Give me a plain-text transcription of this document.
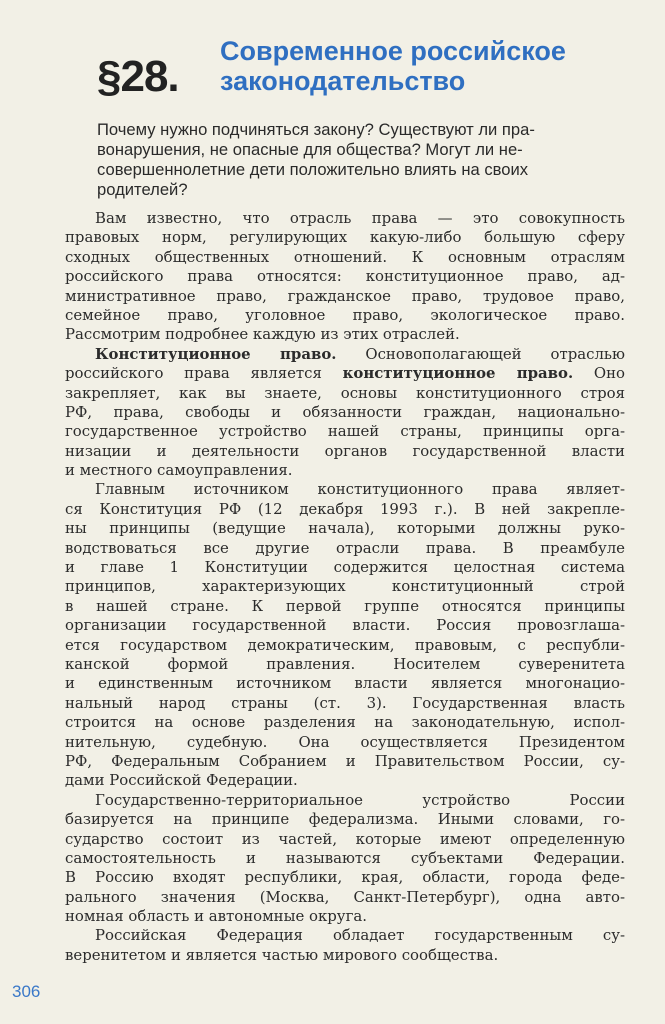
§28.
Современное российское
законодательство
Почему нужно подчиняться закону? Существуют ли пра-
вонарушения, не опасные для общества? Могут ли не-
совершеннолетние дети положительно влиять на своих
родителей?
Вам известно, что отрасль права — это совокупность
правовых норм, регулирующих какую-либо большую сферу
сходных общественных отношений. К основным отраслям
российского права относятся: конституционное право, ад-
министративное право, гражданское право, трудовое право,
семейное право, уголовное право, экологическое право.
Рассмотрим подробнее каждую из этих отраслей.
Конституционное право. Основополагающей отраслью
российского права является конституционное право. Оно
закрепляет, как вы знаете, основы конституционного строя
РФ, права, свободы и обязанности граждан, национально-
государственное устройство нашей страны, принципы орга-
низации и деятельности органов государственной власти
и местного самоуправления.
Главным источником конституционного права являет-
ся Конституция РФ (12 декабря 1993 г.). В ней закрепле-
ны принципы (ведущие начала), которыми должны руко-
водствоваться все другие отрасли права. В преамбуле
и главе 1 Конституции содержится целостная система
принципов, характеризующих конституционный строй
в нашей стране. К первой группе относятся принципы
организации государственной власти. Россия провозглаша-
ется государством демократическим, правовым, с республи-
канской формой правления. Носителем суверенитета
и единственным источником власти является многонацио-
нальный народ страны (ст. 3). Государственная власть
строится на основе разделения на законодательную, испол-
нительную, судебную. Она осуществляется Президентом
РФ, Федеральным Собранием и Правительством России, су-
дами Российской Федерации.
Государственно-территориальное устройство России
базируется на принципе федерализма. Иными словами, го-
сударство состоит из частей, которые имеют определенную
самостоятельность и называются субъектами Федерации.
В Россию входят республики, края, области, города феде-
рального значения (Москва, Санкт-Петербург), одна авто-
номная область и автономные округа.
Российская Федерация обладает государственным су-
веренитетом и является частью мирового сообщества.
306
